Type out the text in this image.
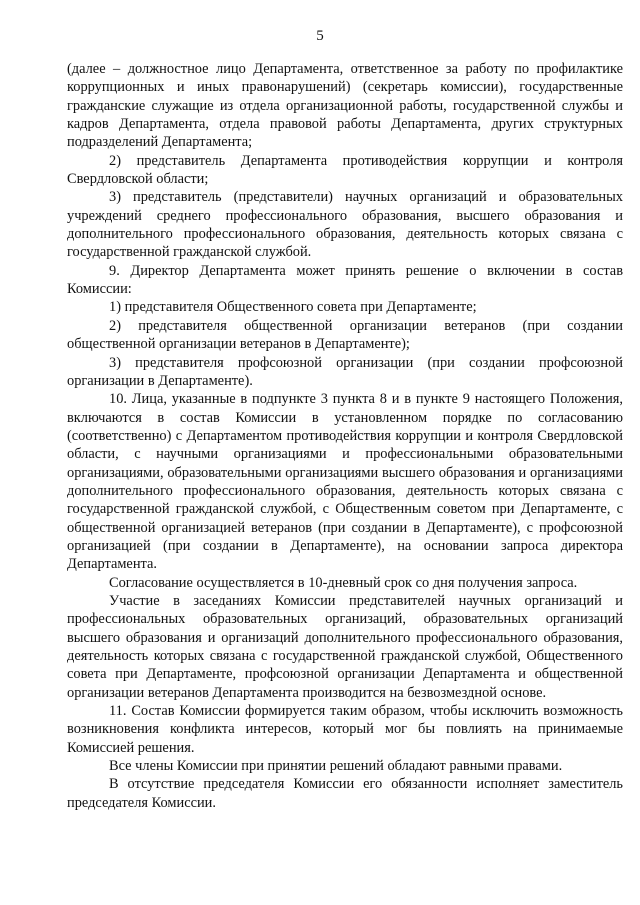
5

(далее – должностное лицо Департамента, ответственное за работу по профилактике коррупционных и иных правонарушений) (секретарь комиссии), государственные гражданские служащие из отдела организационной работы, государственной службы и кадров Департамента, отдела правовой работы Департамента, других структурных подразделений Департамента;

2) представитель Департамента противодействия коррупции и контроля Свердловской области;

3) представитель (представители) научных организаций и образовательных учреждений среднего профессионального образования, высшего образования и дополнительного профессионального образования, деятельность которых связана с государственной гражданской службой.

9. Директор Департамента может принять решение о включении в состав Комиссии:

1) представителя Общественного совета при Департаменте;

2) представителя общественной организации ветеранов (при создании общественной организации ветеранов в Департаменте);

3) представителя профсоюзной организации (при создании профсоюзной организации в Департаменте).

10. Лица, указанные в подпункте 3 пункта 8 и в пункте 9 настоящего Положения, включаются в состав Комиссии в установленном порядке по согласованию (соответственно) с Департаментом противодействия коррупции и контроля Свердловской области, с научными организациями и профессиональными образовательными организациями, образовательными организациями высшего образования и организациями дополнительного профессионального образования, деятельность которых связана с государственной гражданской службой, с Общественным советом при Департаменте, с общественной организацией ветеранов (при создании в Департаменте), с профсоюзной организацией (при создании в Департаменте), на основании запроса директора Департамента.

Согласование осуществляется в 10-дневный срок со дня получения запроса.

Участие в заседаниях Комиссии представителей научных организаций и профессиональных образовательных организаций, образовательных организаций высшего образования и организаций дополнительного профессионального образования, деятельность которых связана с государственной гражданской службой, Общественного совета при Департаменте, профсоюзной организации Департамента и общественной организации ветеранов Департамента производится на безвозмездной основе.

11. Состав Комиссии формируется таким образом, чтобы исключить возможность возникновения конфликта интересов, который мог бы повлиять на принимаемые Комиссией решения.

Все члены Комиссии при принятии решений обладают равными правами.

В отсутствие председателя Комиссии его обязанности исполняет заместитель председателя Комиссии.
